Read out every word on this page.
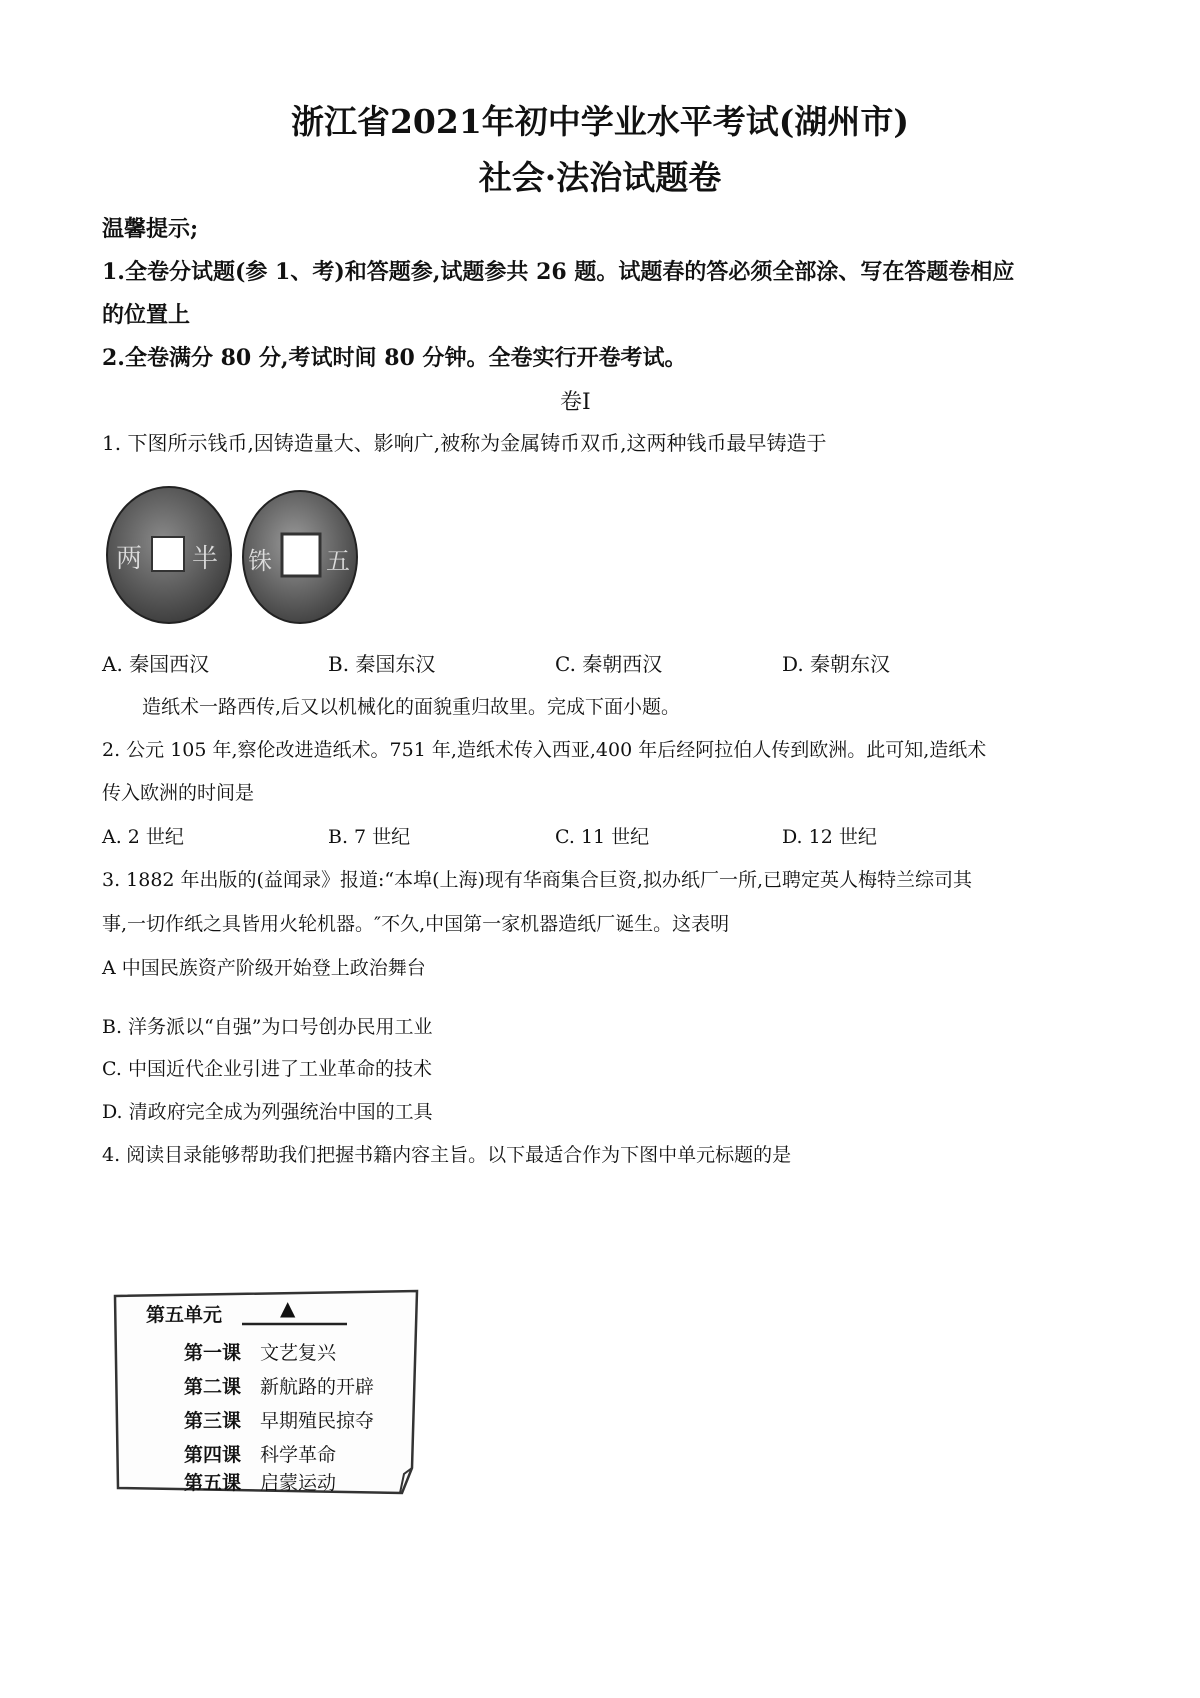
浙江省2021年初中学业水平考试(湖州市)
社会·法治试题卷
温馨提示;
1.全卷分试题(参 1、考)和答题参,试题参共 26 题。试题春的答必须全部涂、写在答题卷相应
的位置上
2.全卷满分 80 分,考试时间 80 分钟。全卷实行开卷考试。
卷Ⅰ
1. 下图所示钱币,因铸造量大、影响广,被称为金属铸币双币,这两种钱币最早铸造于
两 半 铢 五
A. 秦国西汉	B. 秦国东汉	C. 秦朝西汉	D. 秦朝东汉
造纸术一路西传,后又以机械化的面貌重归故里。完成下面小题。
2. 公元 105 年,察伦改进造纸术。751 年,造纸术传入西亚,400 年后经阿拉伯人传到欧洲。此可知,造纸术
传入欧洲的时间是
A. 2 世纪	B. 7 世纪	C. 11 世纪	D. 12 世纪
3. 1882 年出版的(益闻录》报道:“本埠(上海)现有华商集合巨资,拟办纸厂一所,已聘定英人梅特兰综司其
事,一切作纸之具皆用火轮机器。″不久,中国第一家机器造纸厂诞生。这表明
A 中国民族资产阶级开始登上政治舞台
B. 洋务派以“自强”为口号创办民用工业
C. 中国近代企业引进了工业革命的技术
D. 清政府完全成为列强统治中国的工具
4. 阅读目录能够帮助我们把握书籍内容主旨。以下最适合作为下图中单元标题的是
第五单元	▲
第一课 文艺复兴
第二课 新航路的开辟
第三课 早期殖民掠夺
第四课 科学革命
第五课 启蒙运动
